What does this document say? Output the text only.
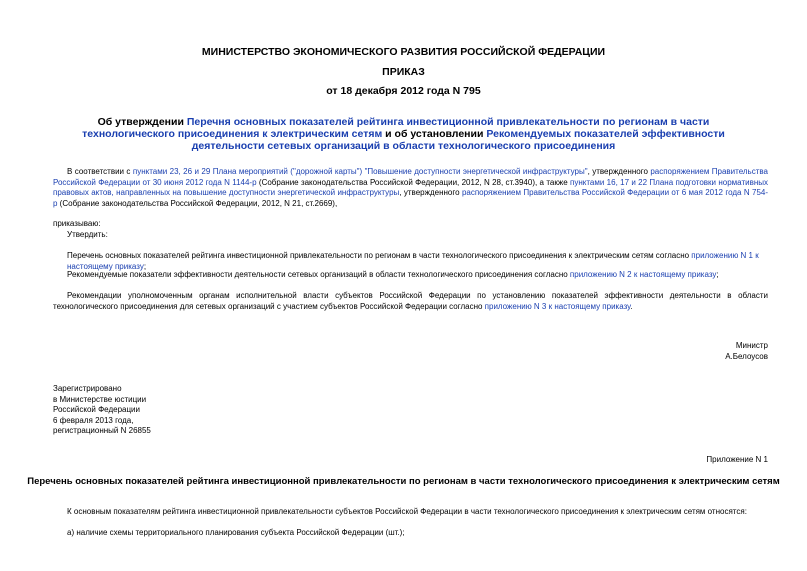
МИНИСТЕРСТВО ЭКОНОМИЧЕСКОГО РАЗВИТИЯ РОССИЙСКОЙ ФЕДЕРАЦИИ
ПРИКАЗ
от 18 декабря 2012 года N 795
Об утверждении Перечня основных показателей рейтинга инвестиционной привлекательности по регионам в части технологического присоединения к электрическим сетям и об установлении Рекомендуемых показателей эффективности деятельности сетевых организаций в области технологического присоединения
В соответствии с пунктами 23, 26 и 29 Плана мероприятий ("дорожной карты") "Повышение доступности энергетической инфраструктуры", утвержденного распоряжением Правительства Российской Федерации от 30 июня 2012 года N 1144-р (Собрание законодательства Российской Федерации, 2012, N 28, ст.3940), а также пунктами 16, 17 и 22 Плана подготовки нормативных правовых актов, направленных на повышение доступности энергетической инфраструктуры, утвержденного распоряжением Правительства Российской Федерации от 6 мая 2012 года N 754-р (Собрание законодательства Российской Федерации, 2012, N 21, ст.2669),
приказываю:
Утвердить:
Перечень основных показателей рейтинга инвестиционной привлекательности по регионам в части технологического присоединения к электрическим сетям согласно приложению N 1 к настоящему приказу;
Рекомендуемые показатели эффективности деятельности сетевых организаций в области технологического присоединения согласно приложению N 2 к настоящему приказу;
Рекомендации уполномоченным органам исполнительной власти субъектов Российской Федерации по установлению показателей эффективности деятельности в области технологического присоединения для сетевых организаций с участием субъектов Российской Федерации согласно приложению N 3 к настоящему приказу.
Министр
А.Белоусов
Зарегистрировано
в Министерстве юстиции
Российской Федерации
6 февраля 2013 года,
регистрационный N 26855
Приложение N 1
Перечень основных показателей рейтинга инвестиционной привлекательности по регионам в части технологического присоединения к электрическим сетям
К основным показателям рейтинга инвестиционной привлекательности субъектов Российской Федерации в части технологического присоединения к электрическим сетям относятся:
а) наличие схемы территориального планирования субъекта Российской Федерации (шт.);
